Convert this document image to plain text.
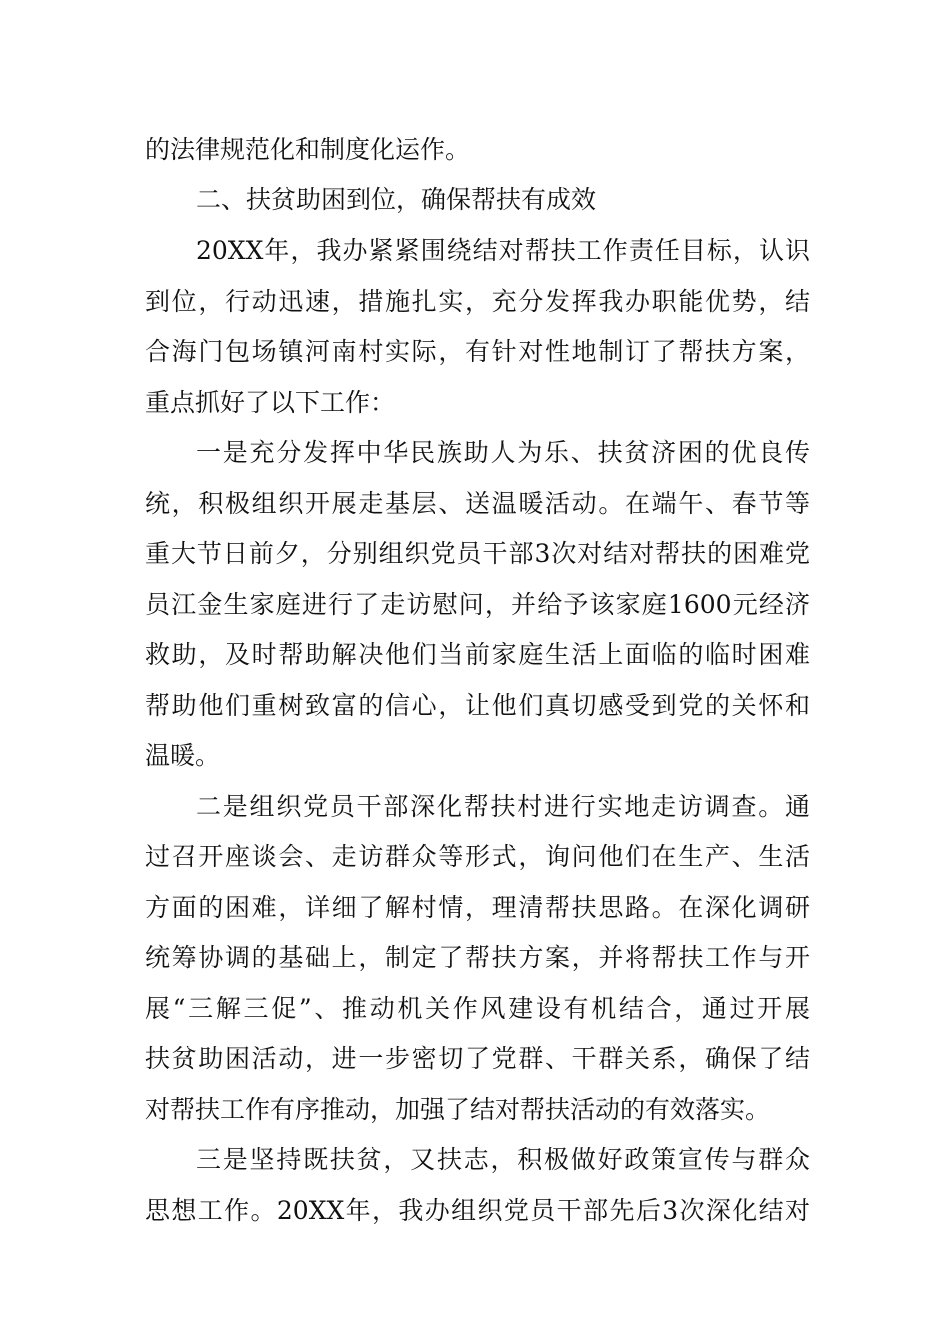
的法律规范化和制度化运作。
二、扶贫助困到位，确保帮扶有成效
20XX年，我办紧紧围绕结对帮扶工作责任目标，认识
到位，行动迅速，措施扎实，充分发挥我办职能优势，结
合海门包场镇河南村实际，有针对性地制订了帮扶方案，
重点抓好了以下工作：
一是充分发挥中华民族助人为乐、扶贫济困的优良传
统，积极组织开展走基层、送温暖活动。在端午、春节等
重大节日前夕，分别组织党员干部3次对结对帮扶的困难党
员江金生家庭进行了走访慰问，并给予该家庭1600元经济
救助，及时帮助解决他们当前家庭生活上面临的临时困难
帮助他们重树致富的信心，让他们真切感受到党的关怀和
温暖。
二是组织党员干部深化帮扶村进行实地走访调查。通
过召开座谈会、走访群众等形式，询问他们在生产、生活
方面的困难，详细了解村情，理清帮扶思路。在深化调研
统筹协调的基础上，制定了帮扶方案，并将帮扶工作与开
展“三解三促”、推动机关作风建设有机结合，通过开展
扶贫助困活动，进一步密切了党群、干群关系，确保了结
对帮扶工作有序推动，加强了结对帮扶活动的有效落实。
三是坚持既扶贫，又扶志，积极做好政策宣传与群众
思想工作。20XX年，我办组织党员干部先后3次深化结对
